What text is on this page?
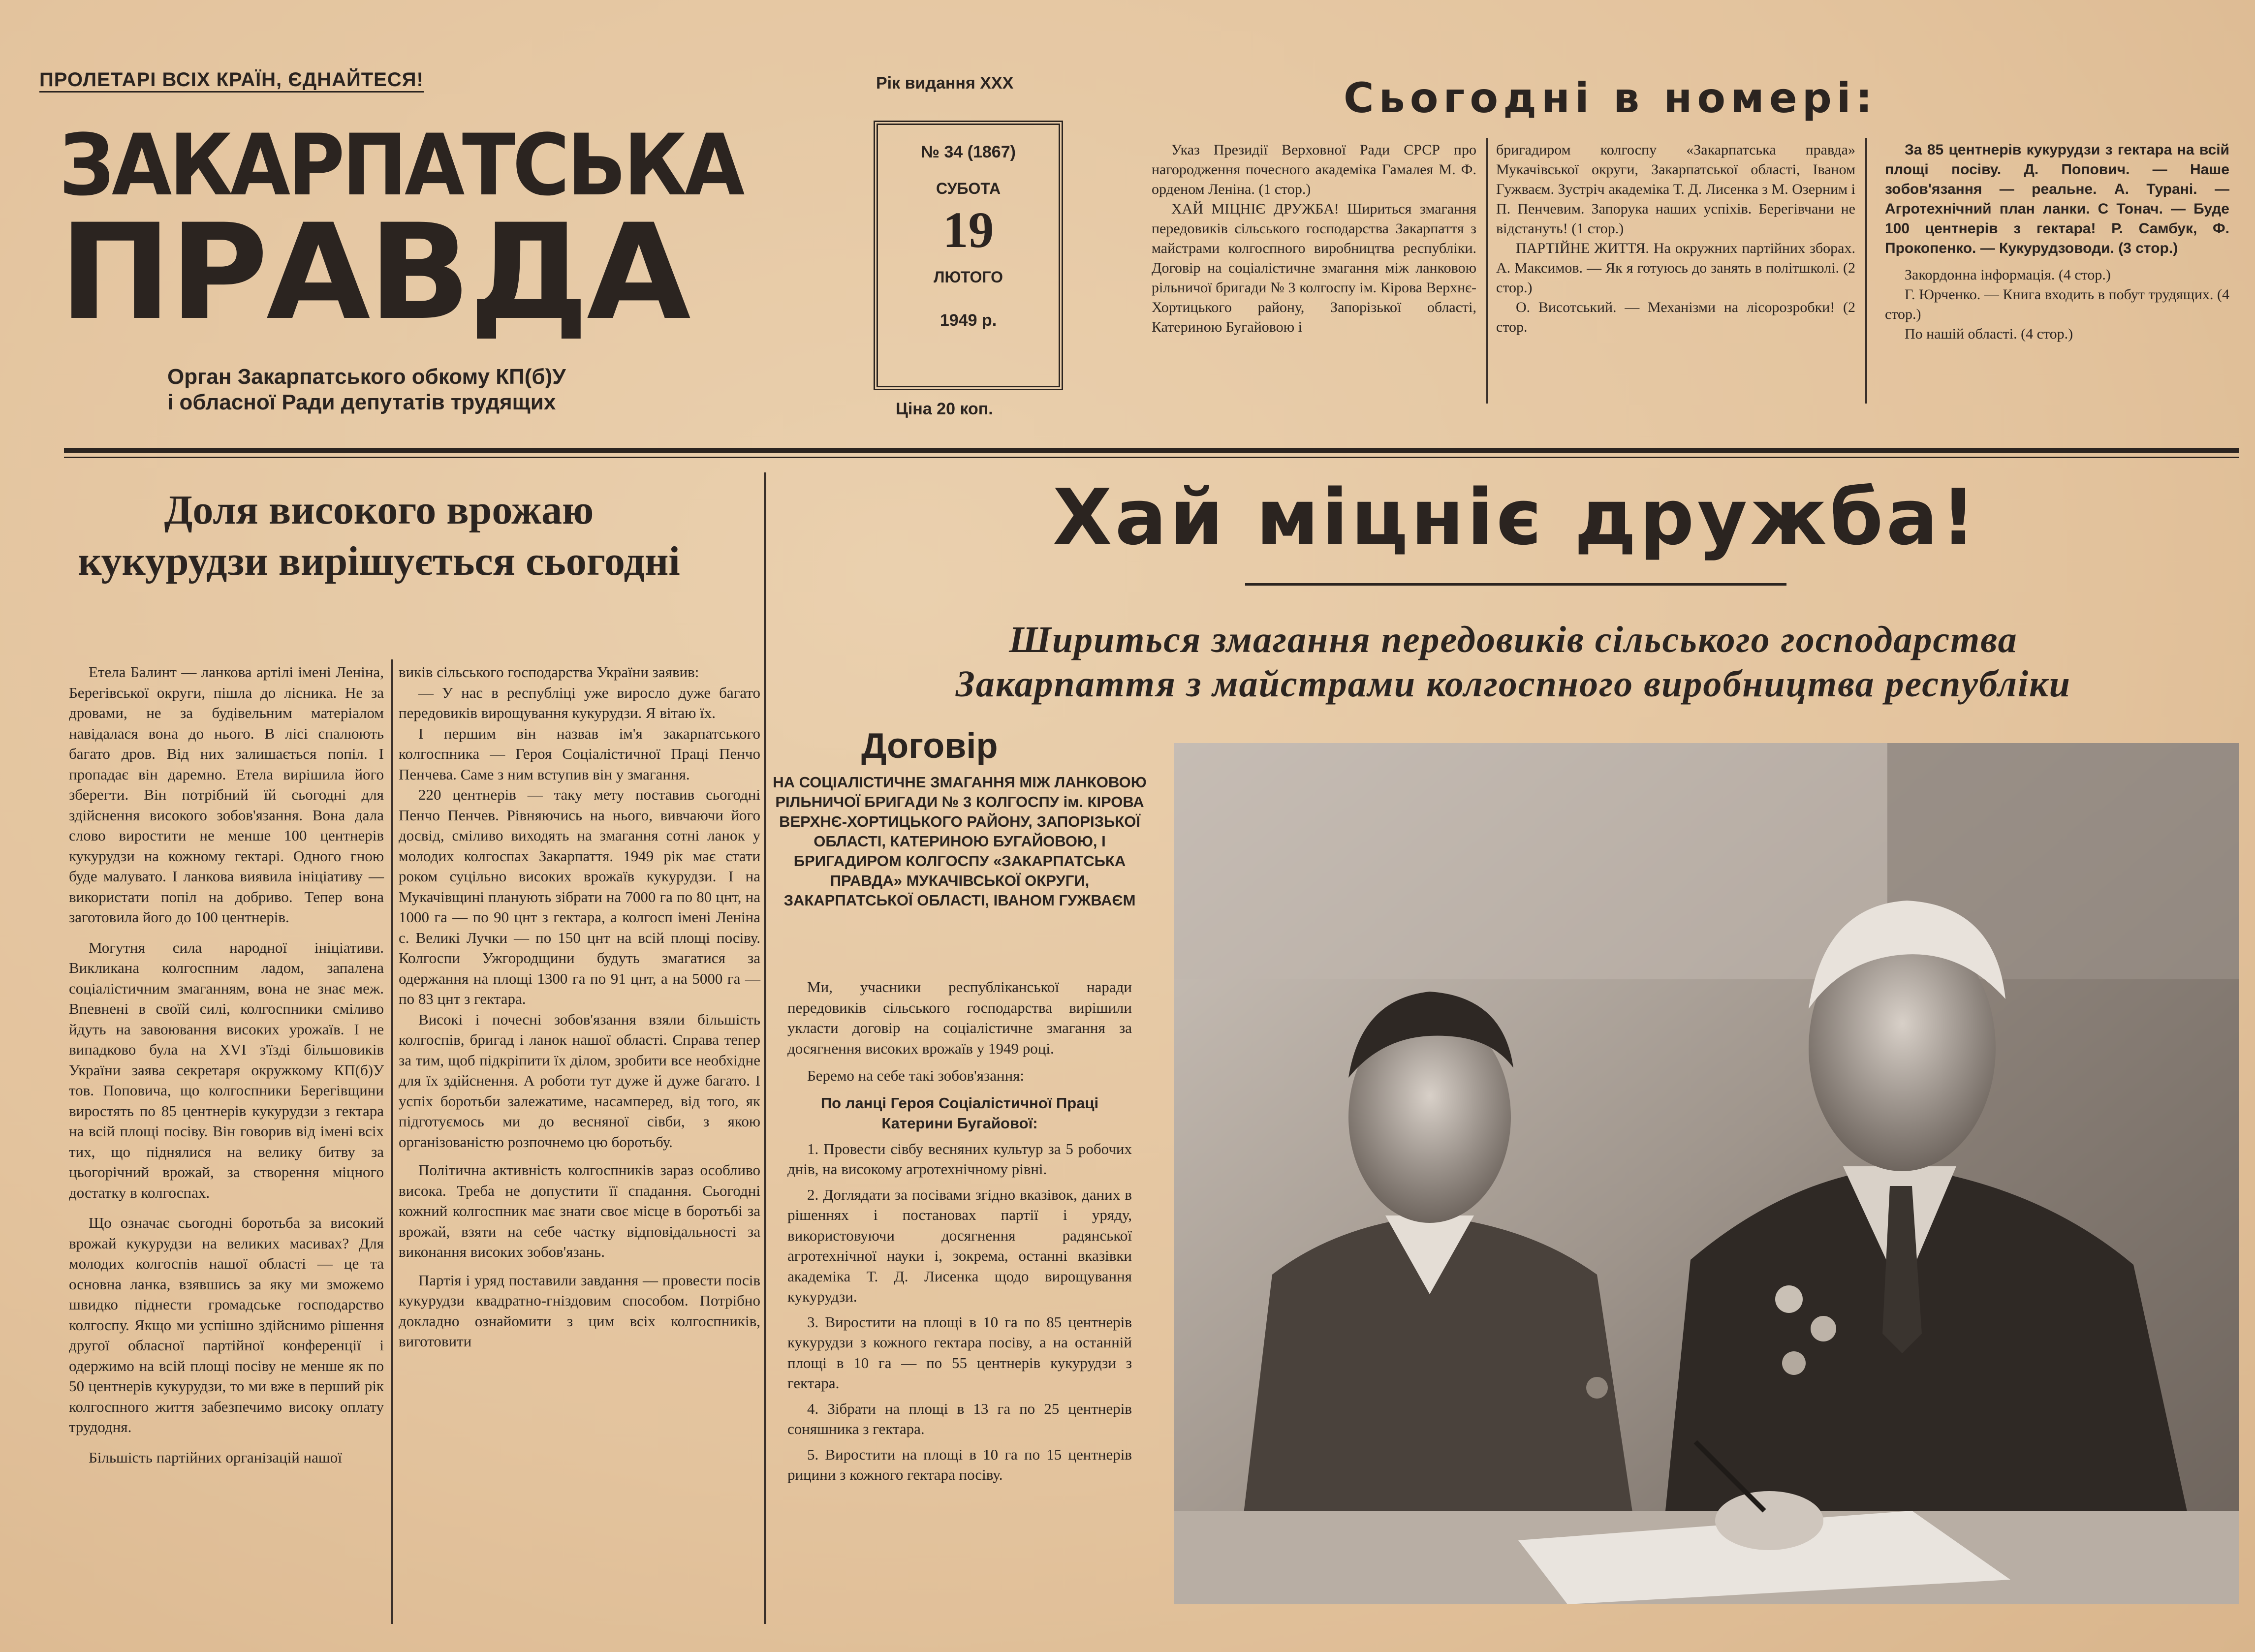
ПРОЛЕТАРІ ВСІХ КРАЇН, ЄДНАЙТЕСЯ!
ЗАКАРПАТСЬКА
ПРАВДА
Орган Закарпатського обкому КП(б)У
і обласної Ради депутатів трудящих
Рік видання XXX
№ 34 (1867)
СУБОТА
19
ЛЮТОГО
1949 р.
Ціна 20 коп.
Сьогодні в номері:
Указ Президії Верховної Ради СРСР про нагородження почесного академіка Гамалея М. Ф. орденом Леніна. (1 стор.)
ХАЙ МІЦНІЄ ДРУЖБА! Шириться змагання передовиків сільського господарства Закарпаття з майстрами колгоспного виробництва республіки. Договір на соціалістичне змагання між ланковою рільничої бригади № 3 колгоспу ім. Кірова Верхнє-Хортицького району, Запорізької області, Катериною Бугайовою і
бригадиром колгоспу «Закарпатська правда» Мукачівської округи, Закарпатської області, Іваном Гужваєм. Зустріч академіка Т. Д. Лисенка з М. Озерним і П. Пенчевим. Запорука наших успіхів. Берегівчани не відстануть! (1 стор.)
ПАРТІЙНЕ ЖИТТЯ. На окружних партійних зборах. А. Максимов. — Як я готуюсь до занять в політшколі. (2 стор.)
О. Висотський. — Механізми на лісорозробки! (2 стор.
За 85 центнерів кукурудзи з гектара на всій площі посіву. Д. Попович. — Наше зобов'язання — реальне. А. Турані. — Агротехнічний план ланки. С Тонач. — Буде 100 центнерів з гектара! Р. Самбук, Ф. Прокопенко. — Кукурудзоводи. (3 стор.)
Закордонна інформація. (4 стор.)
Г. Юрченко. — Книга входить в побут трудящих. (4 стор.)
По нашій області. (4 стор.)
Доля високого врожаю кукурудзи вирішується сьогодні

Етела Балинт — ланкова артілі імені Леніна, Берегівської округи, пішла до лісника. Не за дровами, не за будівельним матеріалом навідалася вона до нього. В лісі спалюють багато дров. Від них залишається попіл. І пропадає він даремно. Етела вирішила його зберегти. Він потрібний їй сьогодні для здійснення високого зобов'язання. Вона дала слово виростити не менше 100 центнерів кукурудзи на кожному гектарі. Одного гною буде малувато. І ланкова виявила ініціативу — використати попіл на добриво. Тепер вона заготовила його до 100 центнерів.

Могутня сила народної ініціативи. Викликана колгоспним ладом, запалена соціалістичним змаганням, вона не знає меж. Впевнені в своїй силі, колгоспники сміливо йдуть на завоювання високих урожаїв. І не випадково була на XVI з'їзді більшовиків України заява секретаря окружкому КП(б)У тов. Поповича, що колгоспники Берегівщини виростять по 85 центнерів кукурудзи з гектара на всій площі посіву. Він говорив від імені всіх тих, що піднялися на велику битву за цьогорічний врожай, за створення міцного достатку в колгоспах.

Що означає сьогодні боротьба за високий врожай кукурудзи на великих масивах? Для молодих колгоспів нашої області — це та основна ланка, взявшись за яку ми зможемо швидко піднести громадське господарство колгоспу. Якщо ми успішно здійснимо рішення другої обласної партійної конференції і одержимо на всій площі посіву не менше як по 50 центнерів кукурудзи, то ми вже в перший рік колгоспного життя забезпечимо високу оплату трудодня.

Більшість партійних організацій нашої

виків сільського господарства України заявив:

— У нас в республіці уже виросло дуже багато передовиків вирощування кукурудзи. Я вітаю їх.

І першим він назвав ім'я закарпатського колгоспника — Героя Соціалістичної Праці Пенчо Пенчева. Саме з ним вступив він у змагання.

220 центнерів — таку мету поставив сьогодні Пенчо Пенчев. Рівняючись на нього, вивчаючи його досвід, сміливо виходять на змагання сотні ланок у молодих колгоспах Закарпаття. 1949 рік має стати роком суцільно високих врожаїв кукурудзи. І на Мукачівщині планують зібрати на 7000 га по 80 цнт, на 1000 га — по 90 цнт з гектара, а колгосп імені Леніна с. Великі Лучки — по 150 цнт на всій площі посіву. Колгоспи Ужгородщини будуть змагатися за одержання на площі 1300 га по 91 цнт, а на 5000 га — по 83 цнт з гектара.

Високі і почесні зобов'язання взяли більшість колгоспів, бригад і ланок нашої області. Справа тепер за тим, щоб підкріпити їх ділом, зробити все необхідне для їх здійснення. А роботи тут дуже й дуже багато. І успіх боротьби залежатиме, насамперед, від того, як підготуємось ми до весняної сівби, з якою організованістю розпочнемо цю боротьбу.

Політична активність колгоспників зараз особливо висока. Треба не допустити її спадання. Сьогодні кожний колгоспник має знати своє місце в боротьбі за врожай, взяти на себе частку відповідальності за виконання високих зобов'язань.

Партія і уряд поставили завдання — провести посів кукурудзи квадратно-гніздовим способом. Потрібно докладно ознайомити з цим всіх колгоспників, виготовити

Хай міцніє дружба!
Шириться змагання передовиків сільського господарства
Закарпаття з майстрами колгоспного виробництва республіки
Договір
НА СОЦІАЛІСТИЧНЕ ЗМАГАННЯ МІЖ ЛАНКОВОЮ РІЛЬНИЧОЇ БРИГАДИ № 3 КОЛГОСПУ ім. КІРОВА ВЕРХНЄ-ХОРТИЦЬКОГО РАЙОНУ, ЗАПОРІЗЬКОЇ ОБЛАСТІ, КАТЕРИНОЮ БУГАЙОВОЮ, І БРИГАДИРОМ КОЛГОСПУ «ЗАКАРПАТСЬКА ПРАВДА» МУКАЧІВСЬКОЇ ОКРУГИ, ЗАКАРПАТСЬКОЇ ОБЛАСТІ, ІВАНОМ ГУЖВАЄМ

Ми, учасники республіканської наради передовиків сільського господарства вирішили укласти договір на соціалістичне змагання за досягнення високих врожаїв у 1949 році.

Беремо на себе такі зобов'язання:

По ланці Героя Соціалістичної Праці Катерини Бугайової:

1. Провести сівбу весняних культур за 5 робочих днів, на високому агротехнічному рівні.

2. Доглядати за посівами згідно вказівок, даних в рішеннях і постановах партії і уряду, використовуючи досягнення радянської агротехнічної науки і, зокрема, останні вказівки академіка Т. Д. Лисенка щодо вирощування кукурудзи.

3. Виростити на площі в 10 га по 85 центнерів кукурудзи з кожного гектара посіву, а на останній площі в 10 га — по 55 центнерів кукурудзи з гектара.

4. Зібрати на площі в 13 га по 25 центнерів соняшника з гектара.

5. Виростити на площі в 10 га по 15 центнерів рицини з кожного гектара посіву.
